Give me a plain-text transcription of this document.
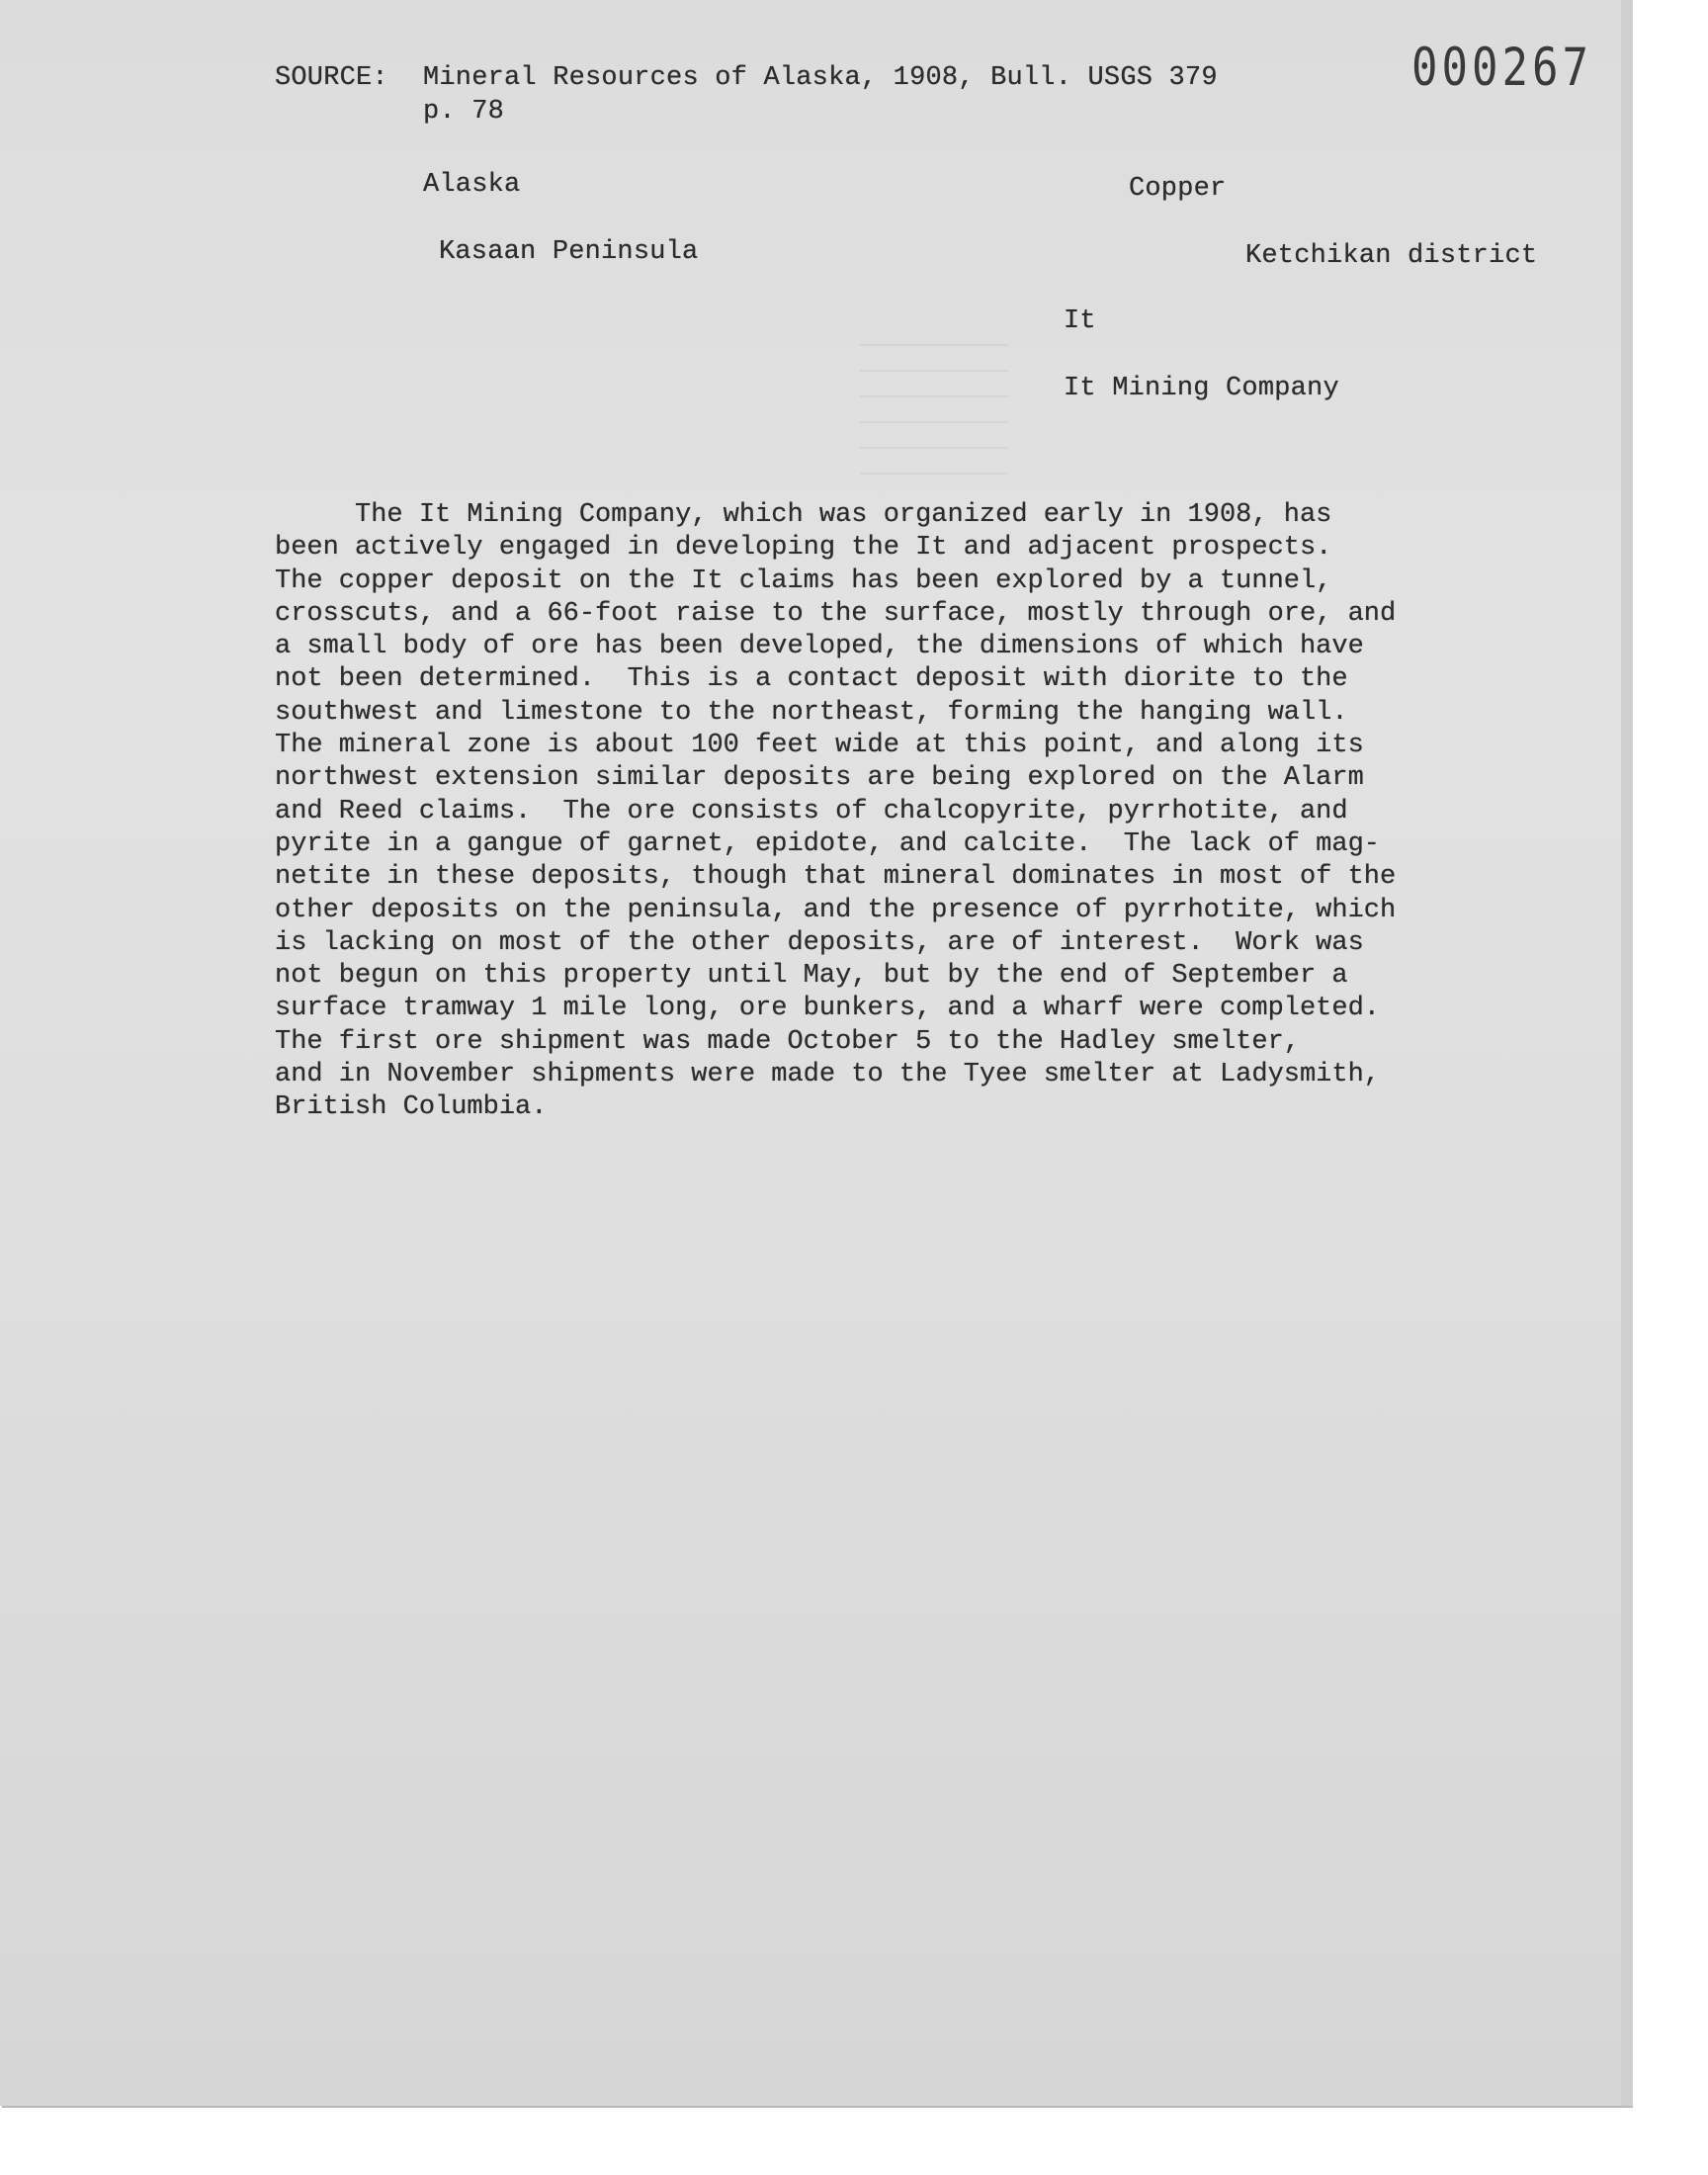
000267
SOURCE: Mineral Resources of Alaska, 1908, Bull. USGS 379
p. 78
Alaska	Copper
Kasaan Peninsula	Ketchikan district
It
It Mining Company
The It Mining Company, which was organized early in 1908, has
been actively engaged in developing the It and adjacent prospects.
The copper deposit on the It claims has been explored by a tunnel,
crosscuts, and a 66-foot raise to the surface, mostly through ore, and
a small body of ore has been developed, the dimensions of which have
not been determined.  This is a contact deposit with diorite to the
southwest and limestone to the northeast, forming the hanging wall.
The mineral zone is about 100 feet wide at this point, and along its
northwest extension similar deposits are being explored on the Alarm
and Reed claims.  The ore consists of chalcopyrite, pyrrhotite, and
pyrite in a gangue of garnet, epidote, and calcite.  The lack of mag-
netite in these deposits, though that mineral dominates in most of the
other deposits on the peninsula, and the presence of pyrrhotite, which
is lacking on most of the other deposits, are of interest.  Work was
not begun on this property until May, but by the end of September a
surface tramway 1 mile long, ore bunkers, and a wharf were completed.
The first ore shipment was made October 5 to the Hadley smelter,
and in November shipments were made to the Tyee smelter at Ladysmith,
British Columbia.
